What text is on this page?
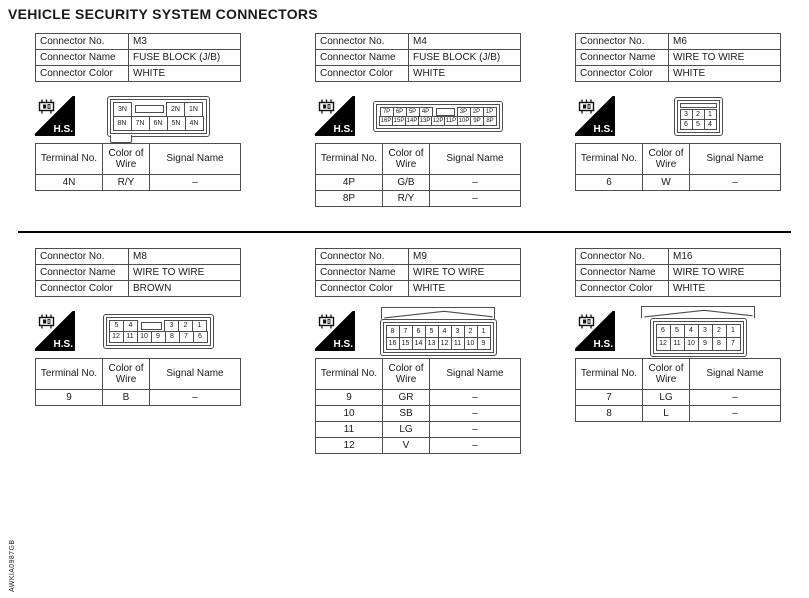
VEHICLE SECURITY SYSTEM CONNECTORS
AWKIA0987GB
Connector No.	M3
Connector Name	FUSE BLOCK (J/B)
Connector Color	WHITE
H.S.
3N	2N	1N
8N	7N	6N	5N	4N
Terminal No.	Color of Wire	Signal Name
4N	R/Y	–
Connector No.	M4
Connector Name	FUSE BLOCK (J/B)
Connector Color	WHITE
H.S.
7P 6P 5P 4P	3P 2P 1P
16P 15P 14P 13P 12P 11P 10P 9P 8P
Terminal No.	Color of Wire	Signal Name
4P	G/B	–
8P	R/Y	–
Connector No.	M6
Connector Name	WIRE TO WIRE
Connector Color	WHITE
H.S.
3	2	1
6	5	4
Terminal No.	Color of Wire	Signal Name
6	W	–
Connector No.	M8
Connector Name	WIRE TO WIRE
Connector Color	BROWN
H.S.
5	4	3	2	1
12 11 10	9	8	7	6
Terminal No.	Color of Wire	Signal Name
9	B	–
Connector No.	M9
Connector Name	WIRE TO WIRE
Connector Color	WHITE
H.S.
8	7	6	5	4	3	2	1
16 15 14 13 12 11 10	9
Terminal No.	Color of Wire	Signal Name
9	GR	–
10	SB	–
11	LG	–
12	V	–
Connector No.	M16
Connector Name	WIRE TO WIRE
Connector Color	WHITE
H.S.
6	5	4	3	2	1
12 11 10	9	8	7
Terminal No.	Color of Wire	Signal Name
7	LG	–
8	L	–
